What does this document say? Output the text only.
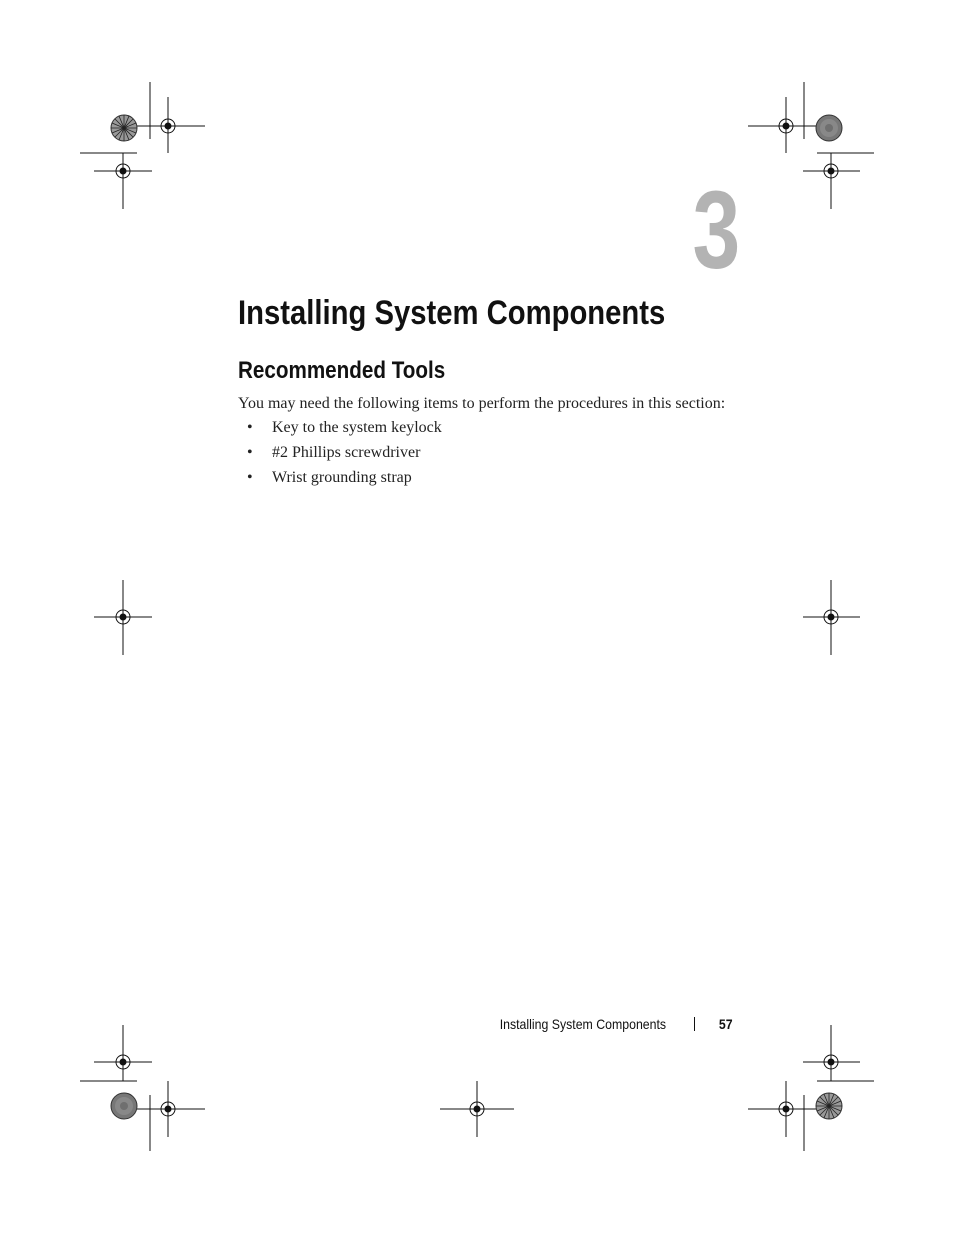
3
Installing System Components
Recommended Tools

You may need the following items to perform the procedures in this section:

• Key to the system keylock
• #2 Phillips screwdriver
• Wrist grounding strap
Installing System Components	57
